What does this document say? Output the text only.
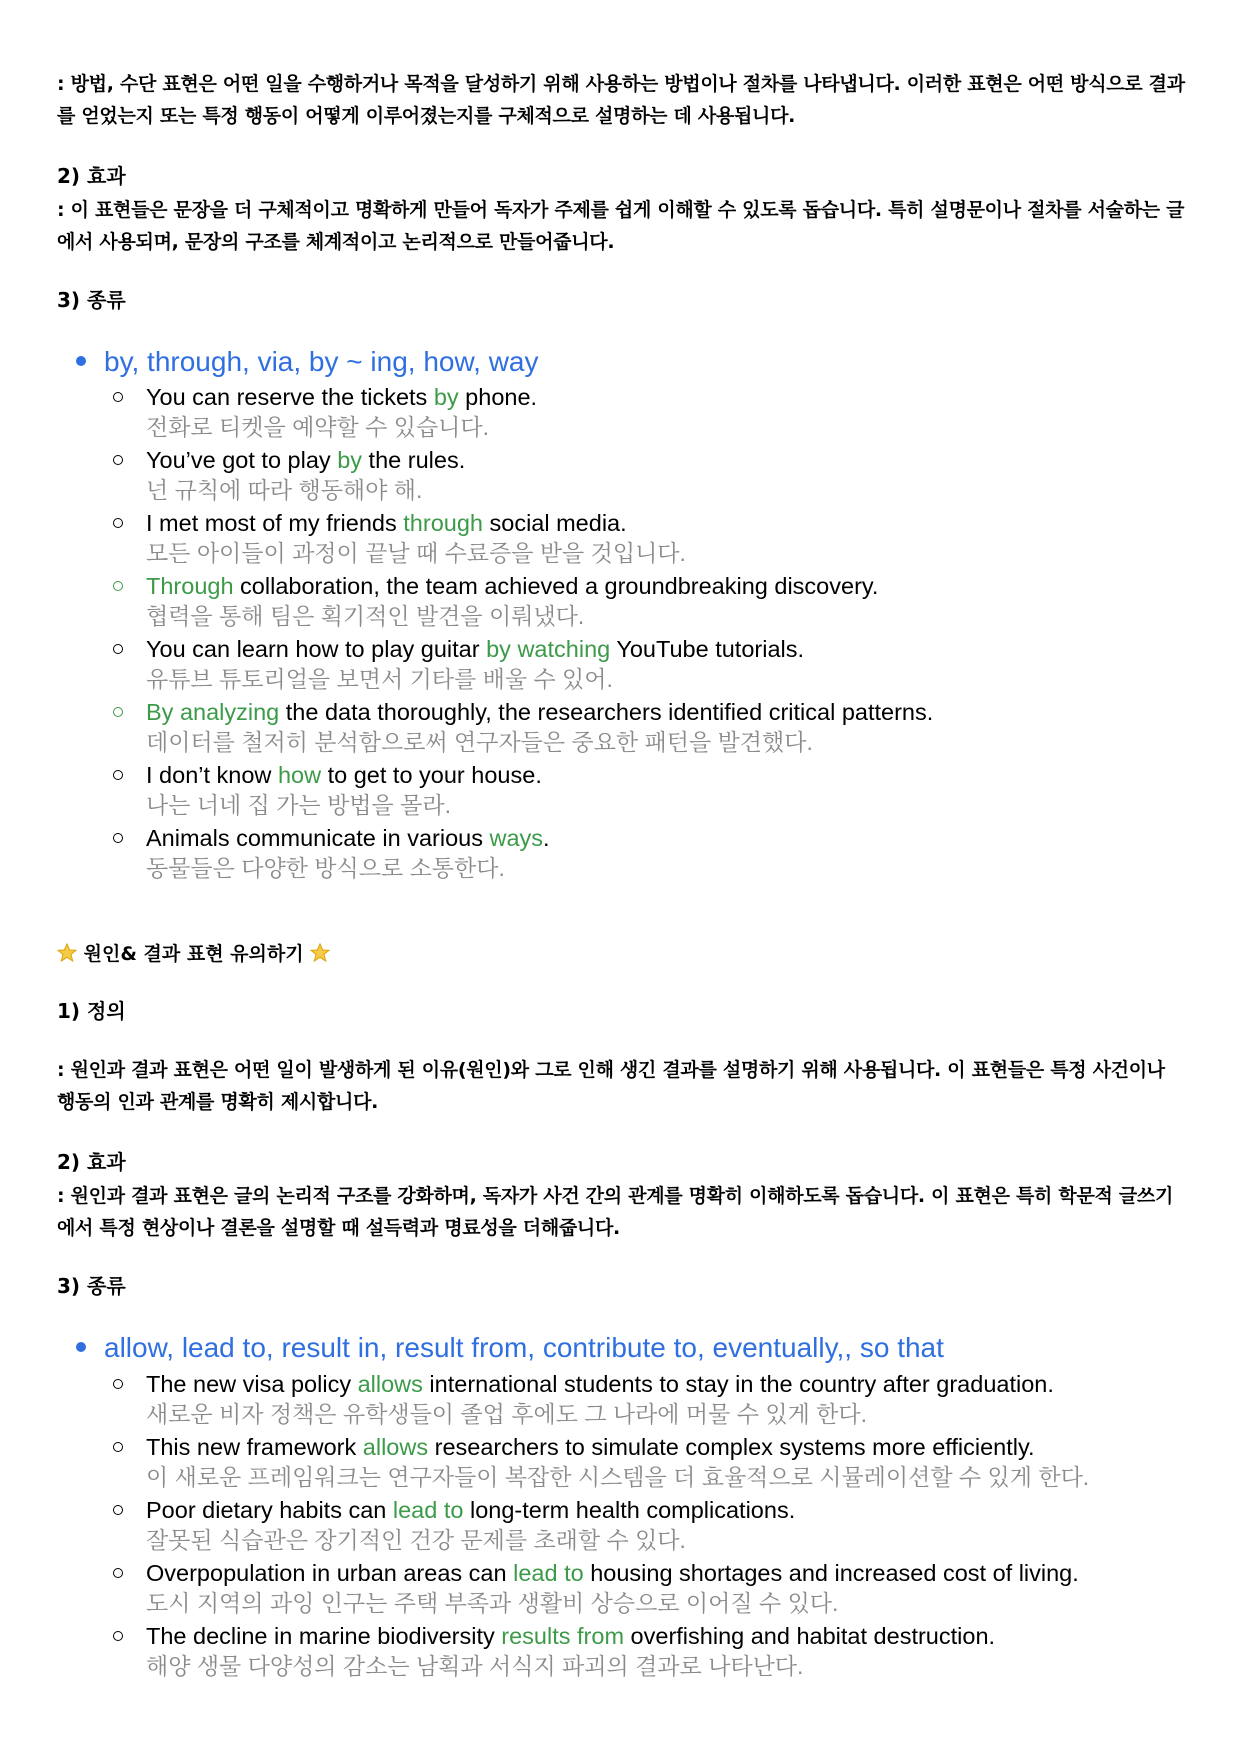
: 방법, 수단 표현은 어떤 일을 수행하거나 목적을 달성하기 위해 사용하는 방법이나 절차를 나타냅니다. 이러한 표현은 어떤 방식으로 결과를 얻었는지 또는 특정 행동이 어떻게 이루어졌는지를 구체적으로 설명하는 데 사용됩니다.
2) 효과
: 이 표현들은 문장을 더 구체적이고 명확하게 만들어 독자가 주제를 쉽게 이해할 수 있도록 돕습니다. 특히 설명문이나 절차를 서술하는 글에서 사용되며, 문장의 구조를 체계적이고 논리적으로 만들어줍니다.
3) 종류
by, through, via, by ~ ing, how, way
You can reserve the tickets by phone.
전화로 티켓을 예약할 수 있습니다.
You’ve got to play by the rules.
넌 규칙에 따라 행동해야 해.
I met most of my friends through social media.
모든 아이들이 과정이 끝날 때 수료증을 받을 것입니다.
Through collaboration, the team achieved a groundbreaking discovery.
협력을 통해 팀은 획기적인 발견을 이뤄냈다.
You can learn how to play guitar by watching YouTube tutorials.
유튜브 튜토리얼을 보면서 기타를 배울 수 있어.
By analyzing the data thoroughly, the researchers identified critical patterns.
데이터를 철저히 분석함으로써 연구자들은 중요한 패턴을 발견했다.
I don’t know how to get to your house.
나는 너네 집 가는 방법을 몰라.
Animals communicate in various ways.
동물들은 다양한 방식으로 소통한다.
원인& 결과 표현 유의하기
1) 정의
: 원인과 결과 표현은 어떤 일이 발생하게 된 이유(원인)와 그로 인해 생긴 결과를 설명하기 위해 사용됩니다. 이 표현들은 특정 사건이나 행동의 인과 관계를 명확히 제시합니다.
2) 효과
: 원인과 결과 표현은 글의 논리적 구조를 강화하며, 독자가 사건 간의 관계를 명확히 이해하도록 돕습니다. 이 표현은 특히 학문적 글쓰기에서 특정 현상이나 결론을 설명할 때 설득력과 명료성을 더해줍니다.
3) 종류
allow, lead to, result in, result from, contribute to, eventually,, so that
The new visa policy allows international students to stay in the country after graduation.
새로운 비자 정책은 유학생들이 졸업 후에도 그 나라에 머물 수 있게 한다.
This new framework allows researchers to simulate complex systems more efficiently.
이 새로운 프레임워크는 연구자들이 복잡한 시스템을 더 효율적으로 시뮬레이션할 수 있게 한다.
Poor dietary habits can lead to long-term health complications.
잘못된 식습관은 장기적인 건강 문제를 초래할 수 있다.
Overpopulation in urban areas can lead to housing shortages and increased cost of living.
도시 지역의 과잉 인구는 주택 부족과 생활비 상승으로 이어질 수 있다.
The decline in marine biodiversity results from overfishing and habitat destruction.
해양 생물 다양성의 감소는 남획과 서식지 파괴의 결과로 나타난다.
